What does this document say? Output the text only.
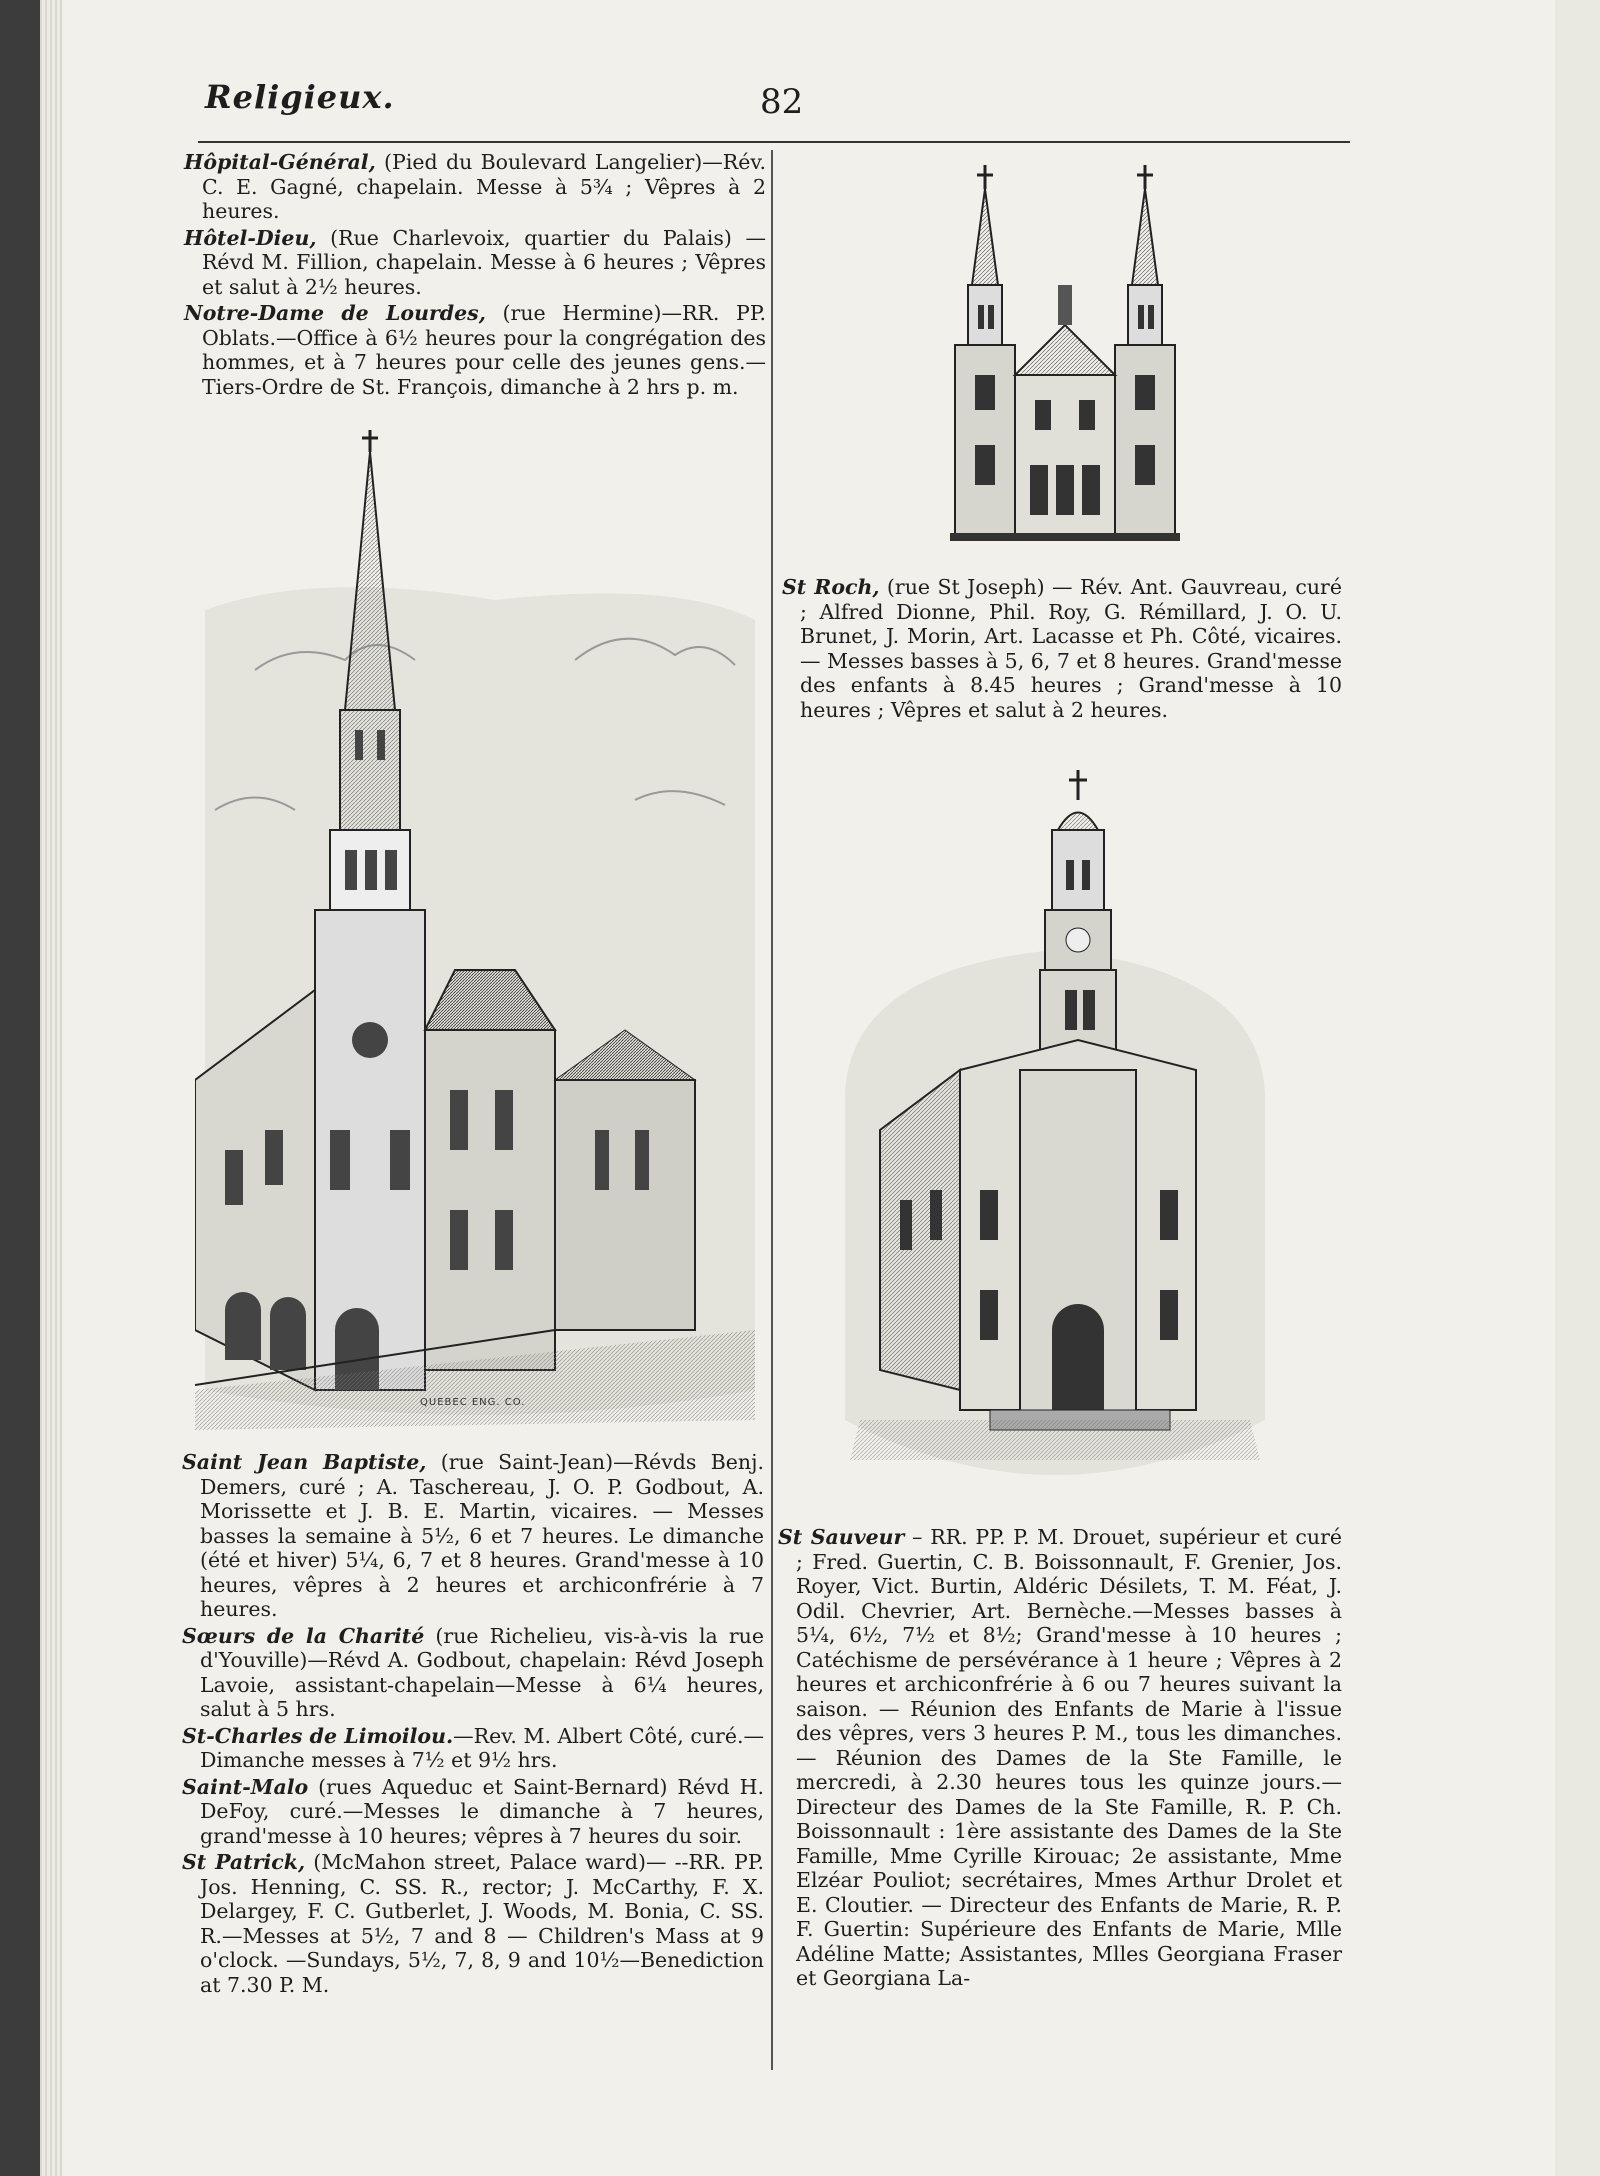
Religieux.	82

Hôpital-Général, (Pied du Boulevard Langelier)—Rév. C. E. Gagné, chapelain. Messe à 5¾ ; Vêpres à 2 heures.

Hôtel-Dieu, (Rue Charlevoix, quartier du Palais) — Révd M. Fillion, chapelain. Messe à 6 heures ; Vêpres et salut à 2½ heures.

Notre-Dame de Lourdes, (rue Hermine)—RR. PP. Oblats.—Office à 6½ heures pour la congrégation des hommes, et à 7 heures pour celle des jeunes gens.—Tiers-Ordre de St. François, dimanche à 2 hrs p. m.

QUEBEC ENG. CO.

St Roch, (rue St Joseph) — Rév. Ant. Gauvreau, curé ; Alfred Dionne, Phil. Roy, G. Rémillard, J. O. U. Brunet, J. Morin, Art. Lacasse et Ph. Côté, vicaires. — Messes basses à 5, 6, 7 et 8 heures. Grand'messe des enfants à 8.45 heures ; Grand'messe à 10 heures ; Vêpres et salut à 2 heures.

Saint Jean Baptiste, (rue Saint-Jean)—Révds Benj. Demers, curé ; A. Taschereau, J. O. P. Godbout, A. Morissette et J. B. E. Martin, vicaires. — Messes basses la semaine à 5½, 6 et 7 heures. Le dimanche (été et hiver) 5¼, 6, 7 et 8 heures. Grand'messe à 10 heures, vêpres à 2 heures et archiconfrérie à 7 heures.

Sœurs de la Charité (rue Richelieu, vis-à-vis la rue d'Youville)—Révd A. Godbout, chapelain: Révd Joseph Lavoie, assistant-chapelain—Messe à 6¼ heures, salut à 5 hrs.

St-Charles de Limoilou.—Rev. M. Albert Côté, curé.—Dimanche messes à 7½ et 9½ hrs.

Saint-Malo (rues Aqueduc et Saint-Bernard) Révd H. DeFoy, curé.—Messes le dimanche à 7 heures, grand'messe à 10 heures; vêpres à 7 heures du soir.

St Patrick, (McMahon street, Palace ward)— --RR. PP. Jos. Henning, C. SS. R., rector; J. McCarthy, F. X. Delargey, F. C. Gutberlet, J. Woods, M. Bonia, C. SS. R.—Messes at 5½, 7 and 8 — Children's Mass at 9 o'clock. —Sundays, 5½, 7, 8, 9 and 10½—Benediction at 7.30 P. M.

St Sauveur – RR. PP. P. M. Drouet, supérieur et curé ; Fred. Guertin, C. B. Boissonnault, F. Grenier, Jos. Royer, Vict. Burtin, Aldéric Désilets, T. M. Féat, J. Odil. Chevrier, Art. Bernèche.—Messes basses à 5¼, 6½, 7½ et 8½; Grand'messe à 10 heures ; Catéchisme de persévérance à 1 heure ; Vêpres à 2 heures et archiconfrérie à 6 ou 7 heures suivant la saison. — Réunion des Enfants de Marie à l'issue des vêpres, vers 3 heures P. M., tous les dimanches.— Réunion des Dames de la Ste Famille, le mercredi, à 2.30 heures tous les quinze jours.— Directeur des Dames de la Ste Famille, R. P. Ch. Boissonnault : 1ère assistante des Dames de la Ste Famille, Mme Cyrille Kirouac; 2e assistante, Mme Elzéar Pouliot; secrétaires, Mmes Arthur Drolet et E. Cloutier. — Directeur des Enfants de Marie, R. P. F. Guertin: Supérieure des Enfants de Marie, Mlle Adéline Matte; Assistantes, Mlles Georgiana Fraser et Georgiana La-
